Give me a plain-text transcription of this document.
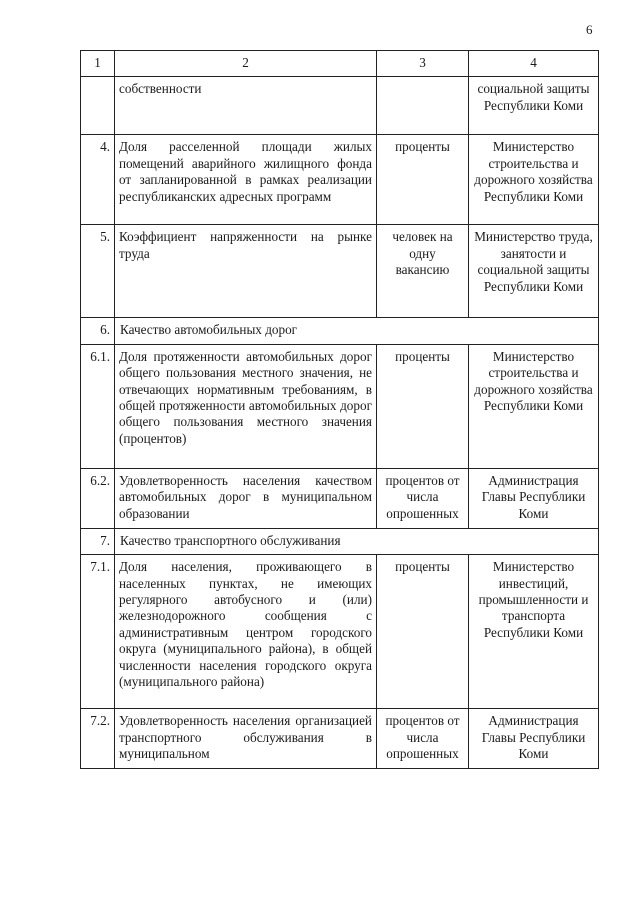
6
1	2	3	4
	собственности		социальной защиты Республики Коми
4.	Доля расселенной площади жилых помещений аварийного жилищного фонда от запланированной в рамках реализации республиканских адресных программ	проценты	Министерство строительства и дорожного хозяйства Республики Коми
5.	Коэффициент напряженности на рынке труда	человек на одну вакансию	Министерство труда, занятости и социальной защиты Республики Коми
6.	Качество автомобильных дорог		
6.1.	Доля протяженности автомобильных дорог общего пользования местного значения, не отвечающих нормативным требованиям, в общей протяженности автомобильных дорог общего пользования местного значения (процентов)	проценты	Министерство строительства и дорожного хозяйства Республики Коми
6.2.	Удовлетворенность населения качеством автомобильных дорог в муниципальном образовании	процентов от числа опрошенных	Администрация Главы Республики Коми
7.	Качество транспортного обслуживания		
7.1.	Доля населения, проживающего в населенных пунктах, не имеющих регулярного автобусного и (или) железнодорожного сообщения с административным центром городского округа (муниципального района), в общей численности населения городского округа (муниципального района)	проценты	Министерство инвестиций, промышленности и транспорта Республики Коми
7.2.	Удовлетворенность населения организацией транспортного обслуживания в муниципальном	процентов от числа опрошенных	Администрация Главы Республики Коми
